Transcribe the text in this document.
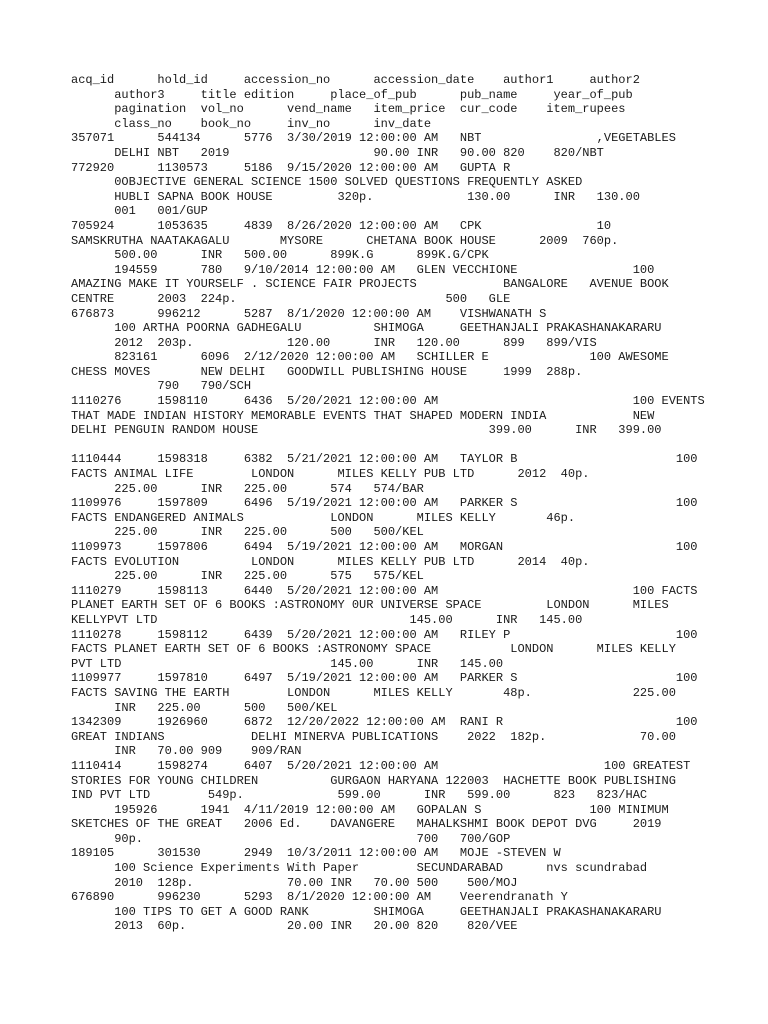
acq_id      hold_id     accession_no      accession_date    author1     author2
author3     title edition     place_of_pub      pub_name     year_of_pub
pagination  vol_no      vend_name   item_price  cur_code    item_rupees
class_no    book_no     inv_no      inv_date
357071      544134      5776  3/30/2019 12:00:00 AM   NBT                ,VEGETABLES
DELHI NBT   2019                    90.00 INR   90.00 820    820/NBT
772920      1130573     5186  9/15/2020 12:00:00 AM   GUPTA R
0OBJECTIVE GENERAL SCIENCE 1500 SOLVED QUESTIONS FREQUENTLY ASKED
HUBLI SAPNA BOOK HOUSE         320p.             130.00      INR   130.00
001   001/GUP
705924      1053635     4839  8/26/2020 12:00:00 AM   CPK                10
SAMSKRUTHA NAATAKAGALU       MYSORE      CHETANA BOOK HOUSE      2009  760p.
500.00      INR   500.00      899K.G      899K.G/CPK
194559      780   9/10/2014 12:00:00 AM   GLEN VECCHIONE                100
AMAZING MAKE IT YOURSELF . SCIENCE FAIR PROJECTS            BANGALORE   AVENUE BOOK
CENTRE      2003  224p.                             500   GLE
676873      996212      5287  8/1/2020 12:00:00 AM    VISHWANATH S
100 ARTHA POORNA GADHEGALU          SHIMOGA     GEETHANJALI PRAKASHANAKARARU
2012  203p.             120.00      INR   120.00      899   899/VIS
823161      6096  2/12/2020 12:00:00 AM   SCHILLER E              100 AWESOME
CHESS MOVES       NEW DELHI   GOODWILL PUBLISHING HOUSE     1999  288p.
790   790/SCH
1110276     1598110     6436  5/20/2021 12:00:00 AM                           100 EVENTS
THAT MADE INDIAN HISTORY MEMORABLE EVENTS THAT SHAPED MODERN INDIA            NEW
DELHI PENGUIN RANDOM HOUSE                                399.00      INR   399.00
1110444     1598318     6382  5/21/2021 12:00:00 AM   TAYLOR B                      100
FACTS ANIMAL LIFE        LONDON      MILES KELLY PUB LTD      2012  40p.
225.00      INR   225.00      574   574/BAR
1109976     1597809     6496  5/19/2021 12:00:00 AM   PARKER S                      100
FACTS ENDANGERED ANIMALS            LONDON      MILES KELLY       46p.
225.00      INR   225.00      500   500/KEL
1109973     1597806     6494  5/19/2021 12:00:00 AM   MORGAN                        100
FACTS EVOLUTION          LONDON      MILES KELLY PUB LTD      2014  40p.
225.00      INR   225.00      575   575/KEL
1110279     1598113     6440  5/20/2021 12:00:00 AM                           100 FACTS
PLANET EARTH SET OF 6 BOOKS :ASTRONOMY 0UR UNIVERSE SPACE         LONDON      MILES
KELLYPVT LTD                                   145.00      INR   145.00
1110278     1598112     6439  5/20/2021 12:00:00 AM   RILEY P                       100
FACTS PLANET EARTH SET OF 6 BOOKS :ASTRONOMY SPACE           LONDON      MILES KELLY
PVT LTD                             145.00      INR   145.00
1109977     1597810     6497  5/19/2021 12:00:00 AM   PARKER S                      100
FACTS SAVING THE EARTH        LONDON      MILES KELLY       48p.              225.00
INR   225.00      500   500/KEL
1342309     1926960     6872  12/20/2022 12:00:00 AM  RANI R                        100
GREAT INDIANS            DELHI MINERVA PUBLICATIONS    2022  182p.             70.00
INR   70.00 909    909/RAN
1110414     1598274     6407  5/20/2021 12:00:00 AM                       100 GREATEST
STORIES FOR YOUNG CHILDREN          GURGAON HARYANA 122003  HACHETTE BOOK PUBLISHING
IND PVT LTD        549p.             599.00      INR   599.00      823   823/HAC
195926      1941  4/11/2019 12:00:00 AM   GOPALAN S               100 MINIMUM
SKETCHES OF THE GREAT   2006 Ed.    DAVANGERE   MAHALKSHMI BOOK DEPOT DVG     2019
90p.                                      700   700/GOP
189105      301530      2949  10/3/2011 12:00:00 AM   MOJE -STEVEN W
100 Science Experiments With Paper        SECUNDARABAD      nvs scundrabad
2010  128p.             70.00 INR   70.00 500    500/MOJ
676890      996230      5293  8/1/2020 12:00:00 AM    Veerendranath Y
100 TIPS TO GET A GOOD RANK         SHIMOGA     GEETHANJALI PRAKASHANAKARARU
2013  60p.              20.00 INR   20.00 820    820/VEE
